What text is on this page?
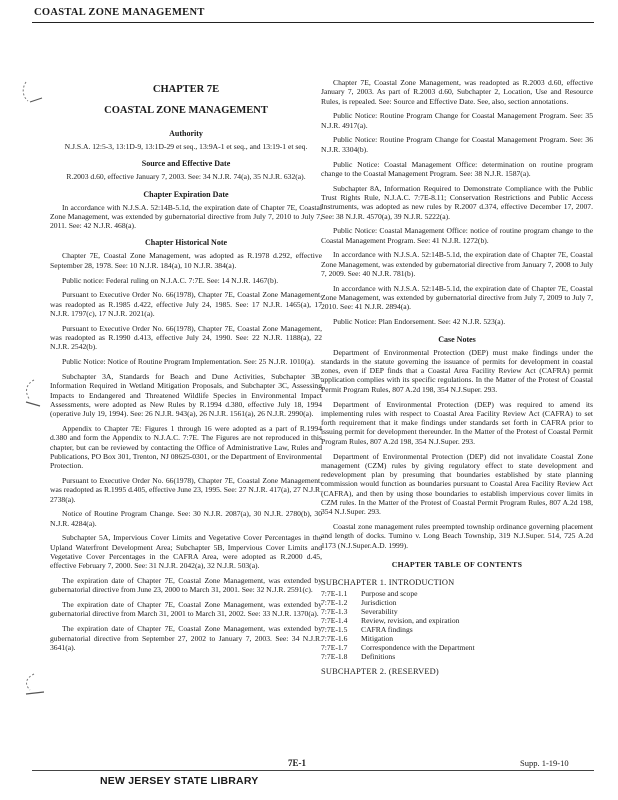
COASTAL ZONE MANAGEMENT
CHAPTER 7E
COASTAL ZONE MANAGEMENT
Authority
N.J.S.A. 12:5-3, 13:1D-9, 13:1D-29 et seq., 13:9A-1 et seq., and 13:19-1 et seq.
Source and Effective Date
R.2003 d.60, effective January 7, 2003. See: 34 N.J.R. 74(a), 35 N.J.R. 632(a).
Chapter Expiration Date
In accordance with N.J.S.A. 52:14B-5.1d, the expiration date of Chapter 7E, Coastal Zone Management, was extended by gubernatorial directive from July 7, 2010 to July 7, 2011. See: 42 N.J.R. 468(a).
Chapter Historical Note
Chapter 7E, Coastal Zone Management, was adopted as R.1978 d.292, effective September 28, 1978. See: 10 N.J.R. 184(a), 10 N.J.R. 384(a).
Public notice: Federal ruling on N.J.A.C. 7:7E. See: 14 N.J.R. 1467(b).
Pursuant to Executive Order No. 66(1978), Chapter 7E, Coastal Zone Management, was readopted as R.1985 d.422, effective July 24, 1985. See: 17 N.J.R. 1465(a), 17 N.J.R. 1797(c), 17 N.J.R. 2021(a).
Pursuant to Executive Order No. 66(1978), Chapter 7E, Coastal Zone Management, was readopted as R.1990 d.413, effective July 24, 1990. See: 22 N.J.R. 1188(a), 22 N.J.R. 2542(b).
Public Notice: Notice of Routine Program Implementation. See: 25 N.J.R. 1010(a).
Subchapter 3A, Standards for Beach and Dune Activities, Subchapter 3B, Information Required in Wetland Mitigation Proposals, and Subchapter 3C, Assessing Impacts to Endangered and Threatened Wildlife Species in Environmental Impact Assessments, were adopted as New Rules by R.1994 d.380, effective July 18, 1994 (operative July 19, 1994). See: 26 N.J.R. 943(a), 26 N.J.R. 1561(a), 26 N.J.R. 2990(a).
Appendix to Chapter 7E: Figures 1 through 16 were adopted as a part of R.1994 d.380 and form the Appendix to N.J.A.C. 7:7E. The Figures are not reproduced in this chapter, but can be reviewed by contacting the Office of Administrative Law, Rules and Publications, PO Box 301, Trenton, NJ 08625-0301, or the Department of Environmental Protection.
Pursuant to Executive Order No. 66(1978), Chapter 7E, Coastal Zone Management, was readopted as R.1995 d.405, effective June 23, 1995. See: 27 N.J.R. 417(a), 27 N.J.R. 2738(a).
Notice of Routine Program Change. See: 30 N.J.R. 2087(a), 30 N.J.R. 2780(b), 30 N.J.R. 4284(a).
Subchapter 5A, Impervious Cover Limits and Vegetative Cover Percentages in the Upland Waterfront Development Area; Subchapter 5B, Impervious Cover Limits and Vegetative Cover Percentages in the CAFRA Area, were adopted as R.2000 d.45, effective February 7, 2000. See: 31 N.J.R. 2042(a), 32 N.J.R. 503(a).
The expiration date of Chapter 7E, Coastal Zone Management, was extended by gubernatorial directive from June 23, 2000 to March 31, 2001. See: 32 N.J.R. 2591(c).
The expiration date of Chapter 7E, Coastal Zone Management, was extended by gubernatorial directive from March 31, 2001 to March 31, 2002. See: 33 N.J.R. 1370(a).
The expiration date of Chapter 7E, Coastal Zone Management, was extended by gubernatorial directive from September 27, 2002 to January 7, 2003. See: 34 N.J.R. 3641(a).
Chapter 7E, Coastal Zone Management, was readopted as R.2003 d.60, effective January 7, 2003. As part of R.2003 d.60, Subchapter 2, Location, Use and Resource Rules, is repealed. See: Source and Effective Date. See, also, section annotations.
Public Notice: Routine Program Change for Coastal Management Program. See: 35 N.J.R. 4917(a).
Public Notice: Routine Program Change for Coastal Management Program. See: 36 N.J.R. 3304(b).
Public Notice: Coastal Management Office: determination on routine program change to the Coastal Management Program. See: 38 N.J.R. 1587(a).
Subchapter 8A, Information Required to Demonstrate Compliance with the Public Trust Rights Rule, N.J.A.C. 7:7E-8.11; Conservation Restrictions and Public Access Instruments, was adopted as new rules by R.2007 d.374, effective December 17, 2007. See: 38 N.J.R. 4570(a), 39 N.J.R. 5222(a).
Public Notice: Coastal Management Office: notice of routine program change to the Coastal Management Program. See: 41 N.J.R. 1272(b).
In accordance with N.J.S.A. 52:14B-5.1d, the expiration date of Chapter 7E, Coastal Zone Management, was extended by gubernatorial directive from January 7, 2008 to July 7, 2009. See: 40 N.J.R. 781(b).
In accordance with N.J.S.A. 52:14B-5.1d, the expiration date of Chapter 7E, Coastal Zone Management, was extended by gubernatorial directive from July 7, 2009 to July 7, 2010. See: 41 N.J.R. 2894(a).
Public Notice: Plan Endorsement. See: 42 N.J.R. 523(a).
Case Notes
Department of Environmental Protection (DEP) must make findings under the standards in the statute governing the issuance of permits for development in coastal zones, even if DEP finds that a Coastal Area Facility Review Act (CAFRA) permit application complies with its specific regulations. In the Matter of the Protest of Coastal Permit Program Rules, 807 A.2d 198, 354 N.J.Super. 293.
Department of Environmental Protection (DEP) was required to amend its implementing rules with respect to Coastal Area Facility Review Act (CAFRA) to set forth requirement that it make findings under standards set forth in CAFRA prior to issuing permit for development thereunder. In the Matter of the Protest of Coastal Permit Program Rules, 807 A.2d 198, 354 N.J.Super. 293.
Department of Environmental Protection (DEP) did not invalidate Coastal Zone management (CZM) rules by giving regulatory effect to state development and redevelopment plan by presuming that boundaries established by state planning commission would function as boundaries pursuant to Coastal Area Facility Review Act (CAFRA), and then by using those boundaries to establish impervious cover limits in CZM rules. In the Matter of the Protest of Coastal Permit Program Rules, 807 A.2d 198, 354 N.J.Super. 293.
Coastal zone management rules preempted township ordinance governing placement and length of docks. Tumino v. Long Beach Township, 319 N.J.Super. 514, 725 A.2d 1173 (N.J.Super.A.D. 1999).
CHAPTER TABLE OF CONTENTS
SUBCHAPTER 1. INTRODUCTION
7:7E-1.1	Purpose and scope
7:7E-1.2	Jurisdiction
7:7E-1.3	Severability
7:7E-1.4	Review, revision, and expiration
7:7E-1.5	CAFRA findings
7:7E-1.6	Mitigation
7:7E-1.7	Correspondence with the Department
7:7E-1.8	Definitions
SUBCHAPTER 2. (RESERVED)
7E-1	Supp. 1-19-10
NEW JERSEY STATE LIBRARY
